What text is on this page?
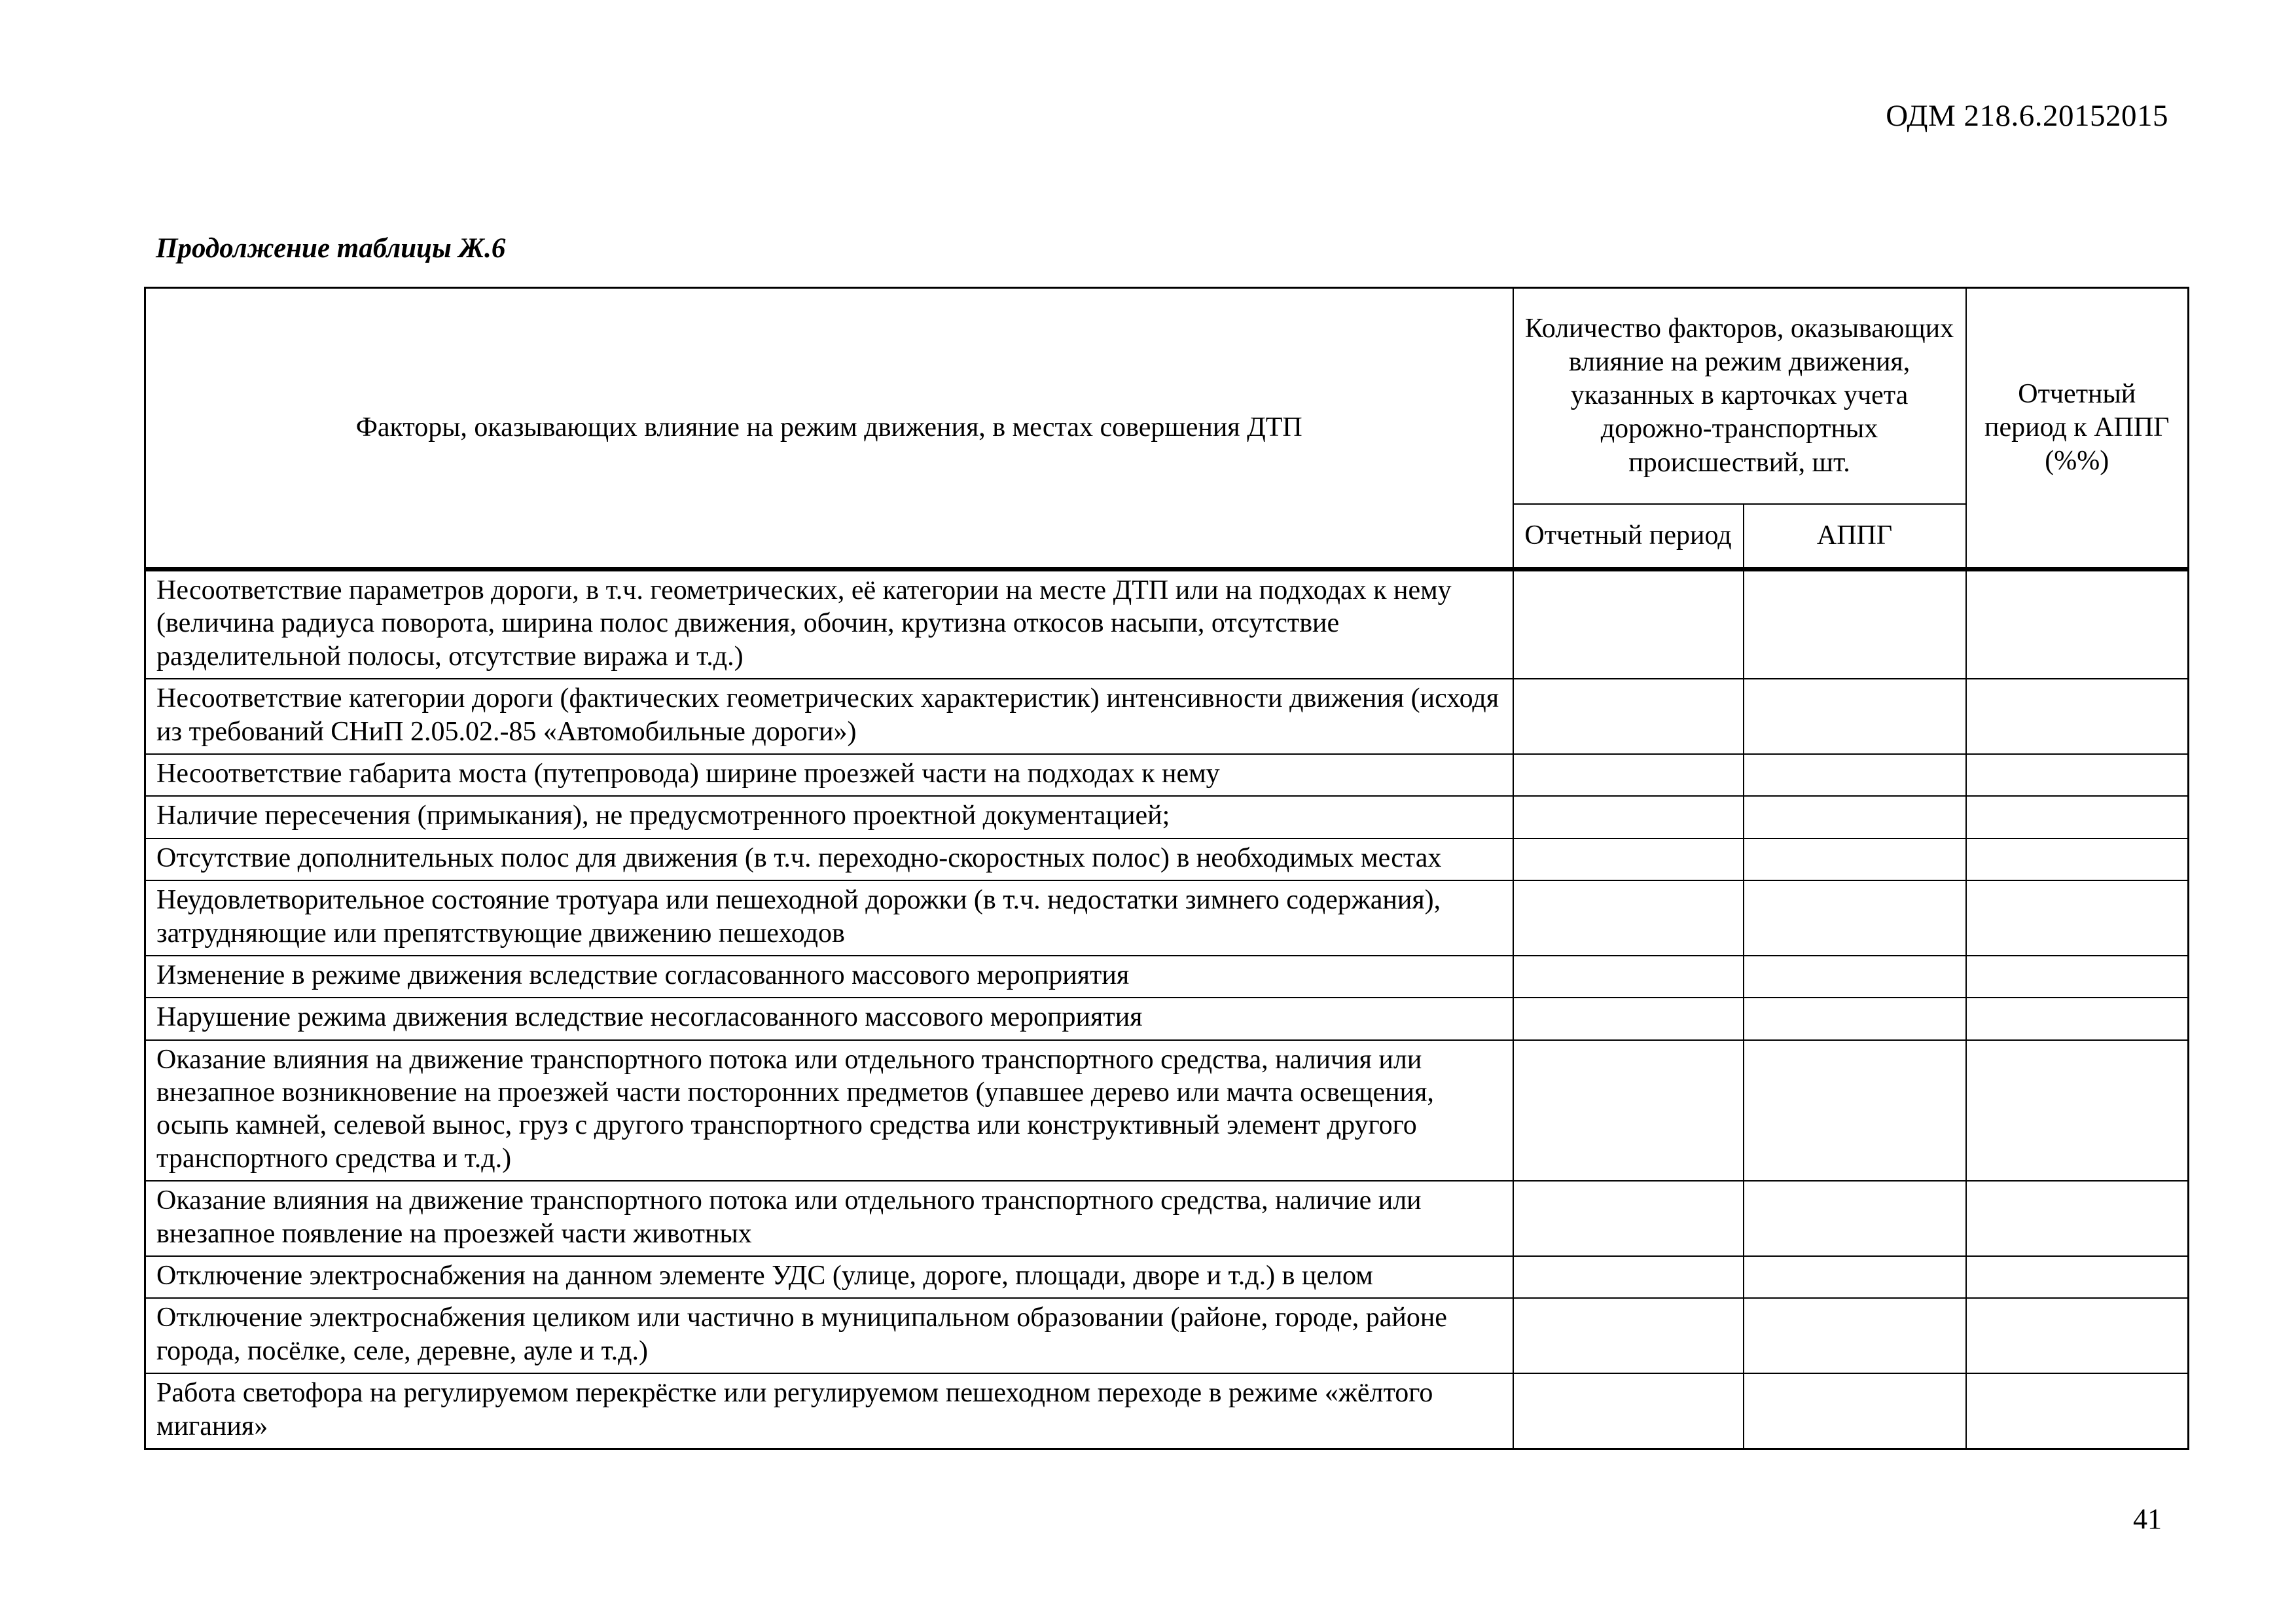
ОДМ 218.6.20152015
Продолжение таблицы Ж.6
Факторы, оказывающих влияние на режим движения, в местах совершения ДТП	Количество факторов, оказывающих влияние на режим движения, указанных в карточках учета дорожно-транспортных происшествий, шт.		Отчетный период к АППГ (%%)
	Отчетный период	АППГ	
Несоответствие параметров дороги, в т.ч. геометрических, её категории на месте ДТП или на подходах к нему (величина радиуса поворота, ширина полос движения, обочин, крутизна откосов насыпи, отсутствие разделительной полосы, отсутствие виража и т.д.)			
Несоответствие категории дороги (фактических геометрических характеристик) интенсивности движения (исходя из требований СНиП 2.05.02.-85 «Автомобильные дороги»)			
Несоответствие габарита моста (путепровода) ширине проезжей части на подходах к нему			
Наличие пересечения (примыкания), не предусмотренного проектной документацией;			
Отсутствие дополнительных полос для движения (в т.ч. переходно-скоростных полос) в необходимых местах			
Неудовлетворительное состояние тротуара или пешеходной дорожки (в т.ч. недостатки зимнего содержания), затрудняющие или препятствующие движению пешеходов			
Изменение в режиме движения вследствие согласованного массового мероприятия			
Нарушение режима движения вследствие несогласованного массового мероприятия			
Оказание влияния на движение транспортного потока или отдельного транспортного средства, наличия или внезапное возникновение на проезжей части посторонних предметов (упавшее дерево или мачта освещения, осыпь камней, селевой вынос, груз с другого транспортного средства или конструктивный элемент другого транспортного средства и т.д.)			
Оказание влияния на движение транспортного потока или отдельного транспортного средства, наличие или внезапное появление на проезжей части животных			
Отключение электроснабжения на данном элементе УДС (улице, дороге, площади, дворе и т.д.) в целом			
Отключение электроснабжения целиком или частично в муниципальном образовании (районе, городе, районе города, посёлке, селе, деревне, ауле и т.д.)			
Работа светофора на регулируемом перекрёстке или регулируемом пешеходном переходе в режиме «жёлтого мигания»			
41
